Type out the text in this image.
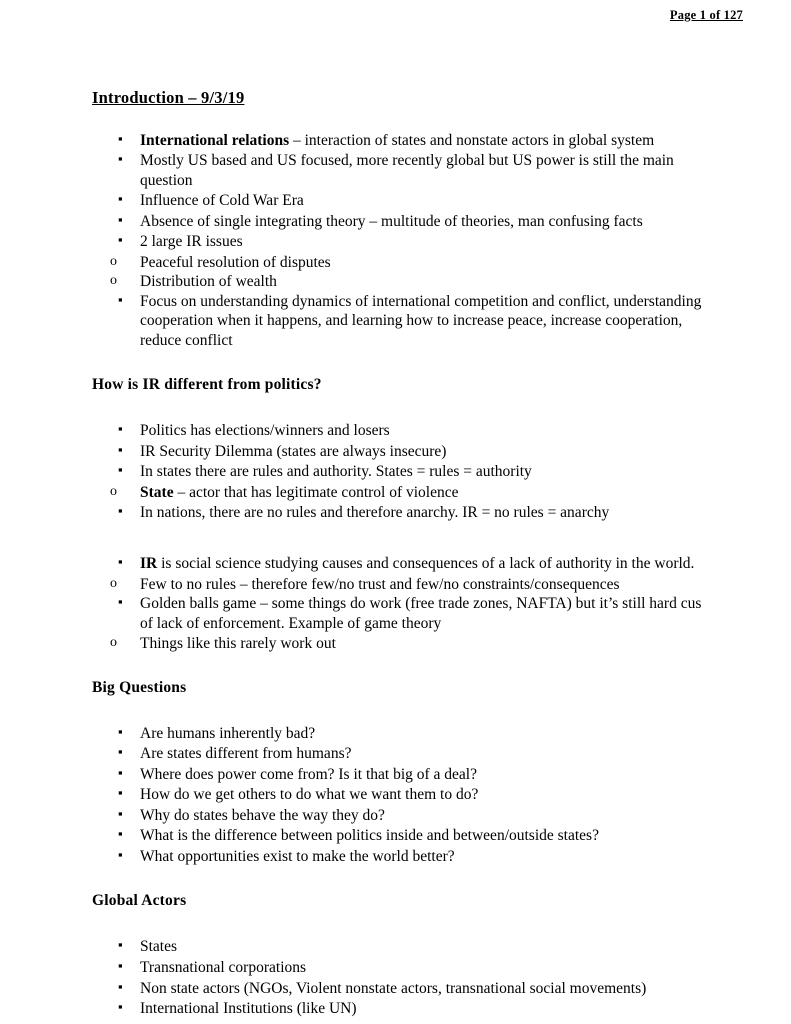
Page 1 of 127
Introduction – 9/3/19
▪
International relations – interaction of states and nonstate actors in global system
▪
Mostly US based and US focused, more recently global but US power is still the main question
▪
Influence of Cold War Era
▪
Absence of single integrating theory – multitude of theories, man confusing facts
▪
2 large IR issues
o
Peaceful resolution of disputes
o
Distribution of wealth
▪
Focus on understanding dynamics of international competition and conflict, understanding cooperation when it happens, and learning how to increase peace, increase cooperation, reduce conflict
How is IR different from politics?
▪
Politics has elections/winners and losers
▪
IR Security Dilemma (states are always insecure)
▪
In states there are rules and authority. States = rules = authority
o
State – actor that has legitimate control of violence
▪
In nations, there are no rules and therefore anarchy. IR = no rules = anarchy
▪
IR is social science studying causes and consequences of a lack of authority in the world.
o
Few to no rules – therefore few/no trust and few/no constraints/consequences
▪
Golden balls game – some things do work (free trade zones, NAFTA) but it’s still hard cus of lack of enforcement. Example of game theory
o
Things like this rarely work out
Big Questions
▪
Are humans inherently bad?
▪
Are states different from humans?
▪
Where does power come from? Is it that big of a deal?
▪
How do we get others to do what we want them to do?
▪
Why do states behave the way they do?
▪
What is the difference between politics inside and between/outside states?
▪
What opportunities exist to make the world better?
Global Actors
▪
States
▪
Transnational corporations
▪
Non state actors (NGOs, Violent nonstate actors, transnational social movements)
▪
International Institutions (like UN)
